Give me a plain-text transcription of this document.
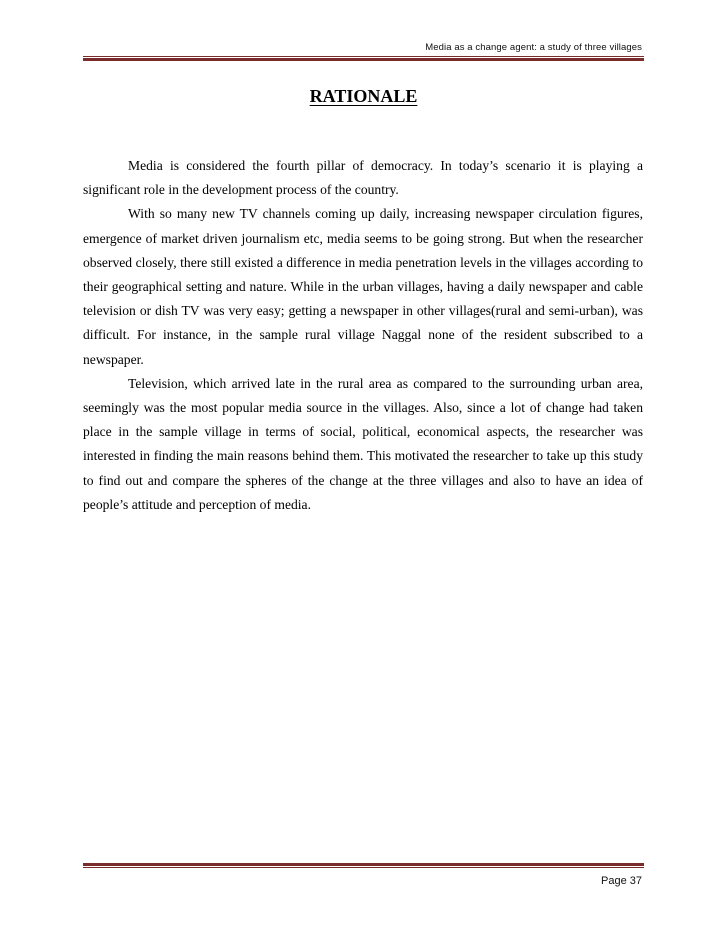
Media as a change agent: a study of three villages
RATIONALE

Media is considered the fourth pillar of democracy. In today’s scenario it is playing a significant role in the development process of the country.

With so many new TV channels coming up daily, increasing newspaper circulation figures, emergence of market driven journalism etc, media seems to be going strong. But when the researcher observed closely, there still existed a difference in media penetration levels in the villages according to their geographical setting and nature. While in the urban villages, having a daily newspaper and cable television or dish TV was very easy; getting a newspaper in other villages(rural and semi-urban), was difficult. For instance, in the sample rural village Naggal none of the resident subscribed to a newspaper.

Television, which arrived late in the rural area as compared to the surrounding urban area, seemingly was the most popular media source in the villages. Also, since a lot of change had taken place in the sample village in terms of social, political, economical aspects, the researcher was interested in finding the main reasons behind them. This motivated the researcher to take up this study to find out and compare the spheres of the change at the three villages and also to have an idea of people’s attitude and perception of media.

Page 37
